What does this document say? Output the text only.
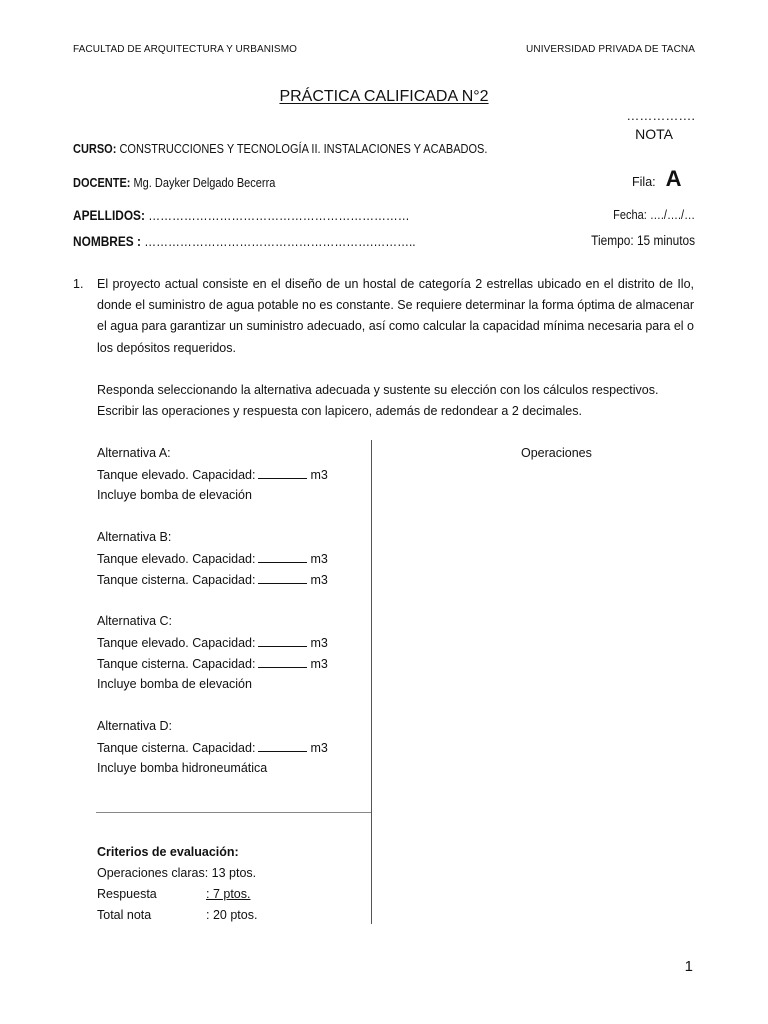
FACULTAD DE ARQUITECTURA Y URBANISMO	UNIVERSIDAD PRIVADA DE TACNA
PRÁCTICA CALIFICADA N°2
…………….
NOTA
CURSO: CONSTRUCCIONES Y TECNOLOGÍA II. INSTALACIONES Y ACABADOS.
DOCENTE: Mg. Dayker Delgado Becerra	Fila: A
APELLIDOS: …………………………………………………………	Fecha: …./…./…
NOMBRES : ………………………………………………….………..	Tiempo: 15 minutos
1. El proyecto actual consiste en el diseño de un hostal de categoría 2 estrellas ubicado en el distrito de Ilo, donde el suministro de agua potable no es constante. Se requiere determinar la forma óptima de almacenar el agua para garantizar un suministro adecuado, así como calcular la capacidad mínima necesaria para el o los depósitos requeridos.
Responda seleccionando la alternativa adecuada y sustente su elección con los cálculos respectivos.
Escribir las operaciones y respuesta con lapicero, además de redondear a 2 decimales.
Operaciones
Alternativa A:
Tanque elevado. Capacidad:	m3
Incluye bomba de elevación
Alternativa B:
Tanque elevado. Capacidad:	m3
Tanque cisterna. Capacidad:	m3
Alternativa C:
Tanque elevado. Capacidad:	m3
Tanque cisterna. Capacidad:	m3
Incluye bomba de elevación
Alternativa D:
Tanque cisterna. Capacidad:	m3
Incluye bomba hidroneumática
Criterios de evaluación:
Operaciones claras: 13 ptos.
Respuesta	: 7 ptos.
Total nota	: 20 ptos.
1
